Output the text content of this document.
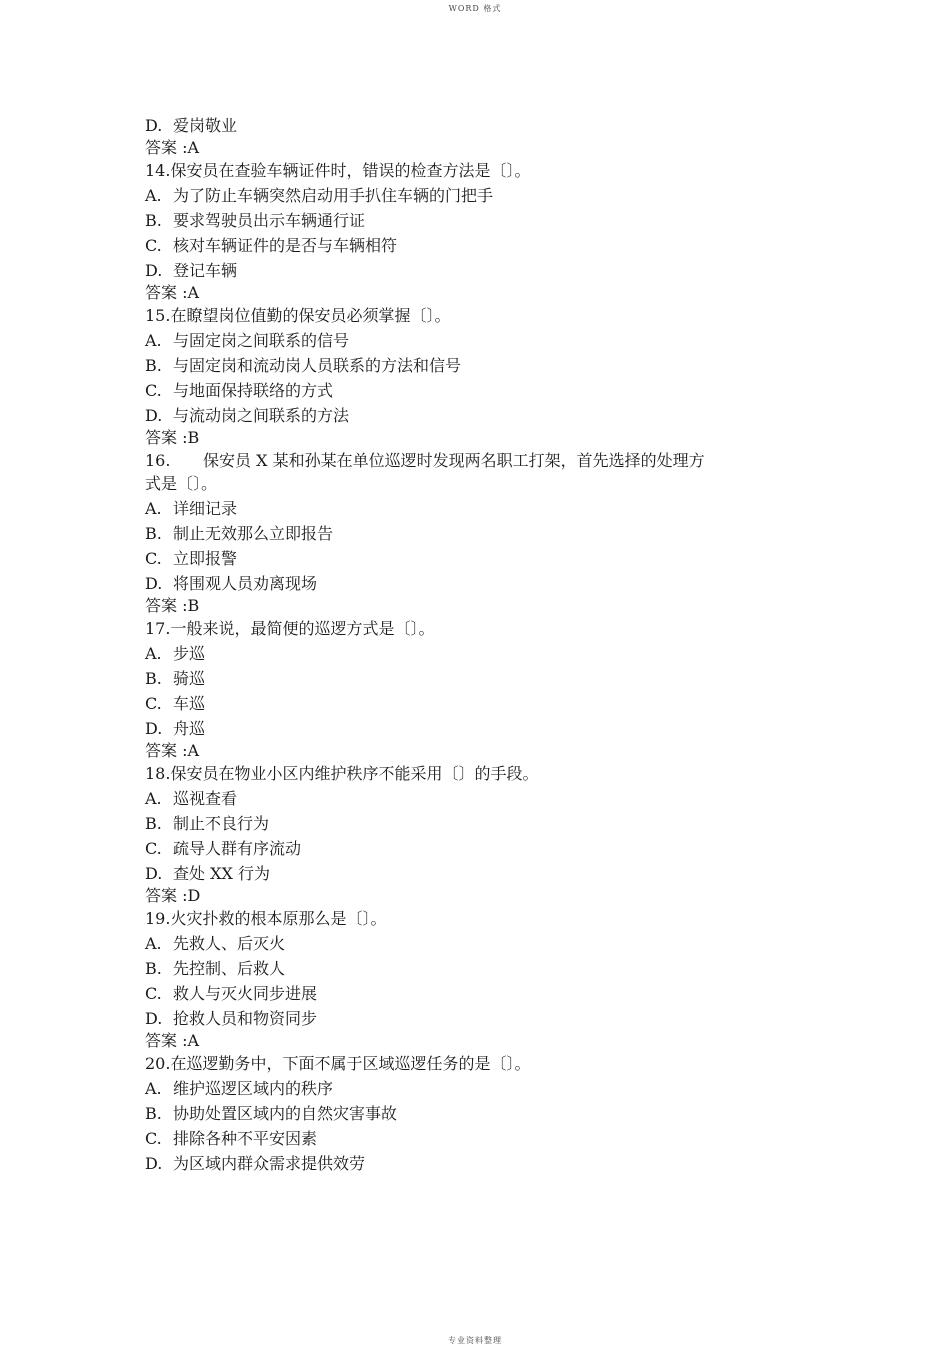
WORD 格式
D. 爱岗敬业
答案 :A
14.保安员在查验车辆证件时，错误的检查方法是〔〕。
A. 为了防止车辆突然启动用手扒住车辆的门把手
B. 要求驾驶员出示车辆通行证
C. 核对车辆证件的是否与车辆相符
D. 登记车辆
答案 :A
15.在瞭望岗位值勤的保安员必须掌握〔〕。
A. 与固定岗之间联系的信号
B. 与固定岗和流动岗人员联系的方法和信号
C. 与地面保持联络的方式
D. 与流动岗之间联系的方法
答案 :B
16. 保安员 X 某和孙某在单位巡逻时发现两名职工打架，首先选择的处理方
式是〔〕。
A. 详细记录
B. 制止无效那么立即报告
C. 立即报警
D. 将围观人员劝离现场
答案 :B
17.一般来说，最简便的巡逻方式是〔〕。
A. 步巡
B. 骑巡
C. 车巡
D. 舟巡
答案 :A
18.保安员在物业小区内维护秩序不能采用〔〕的手段。
A. 巡视查看
B. 制止不良行为
C. 疏导人群有序流动
D. 查处 XX 行为
答案 :D
19.火灾扑救的根本原那么是〔〕。
A. 先救人、后灭火
B. 先控制、后救人
C. 救人与灭火同步进展
D. 抢救人员和物资同步
答案 :A
20.在巡逻勤务中，下面不属于区域巡逻任务的是〔〕。
A. 维护巡逻区域内的秩序
B. 协助处置区域内的自然灾害事故
C. 排除各种不平安因素
D. 为区域内群众需求提供效劳
专业资料整理
